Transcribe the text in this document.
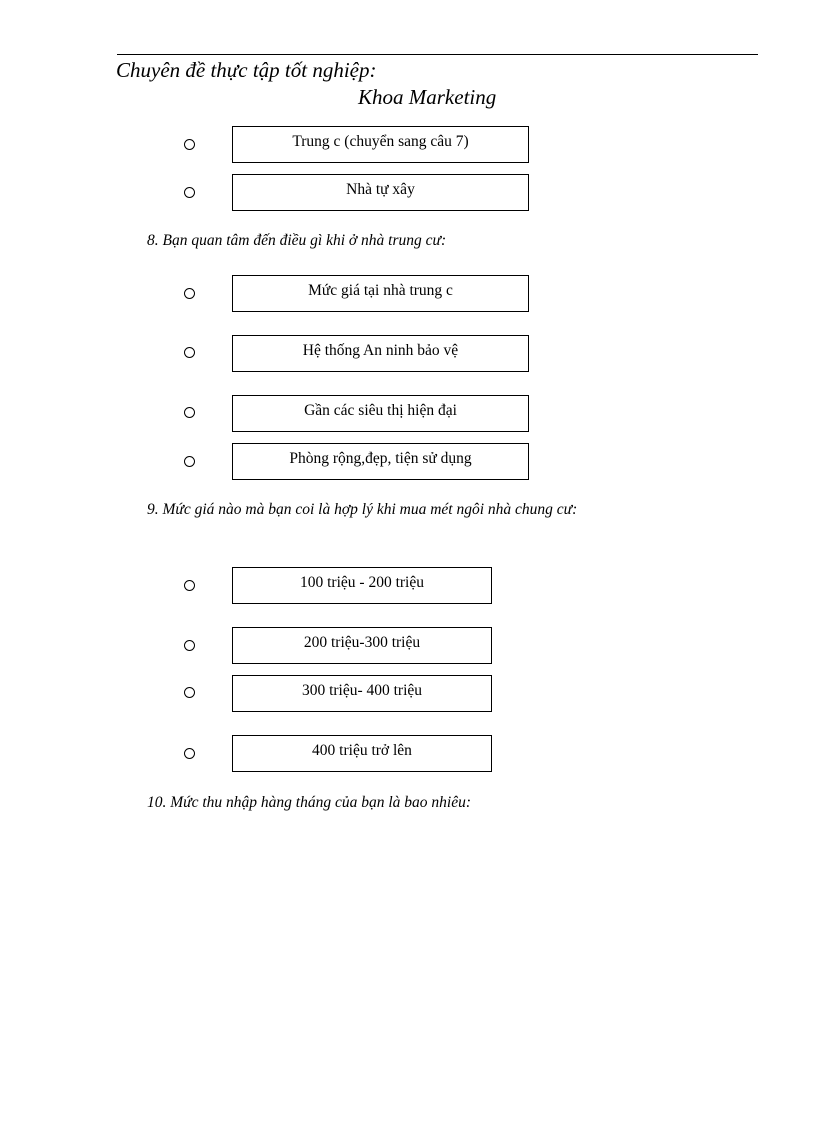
Chuyên đề thực tập tốt nghiệp:
Khoa Marketing
Trung c (chuyển sang câu 7)
Nhà tự xây
8. Bạn quan tâm đến điều gì khi ở nhà trung cư:
Mức giá tại nhà trung c
Hệ thống An ninh bảo vệ
Gần các siêu thị hiện đại
Phòng rộng,đẹp, tiện sử dụng
9. Mức giá nào mà bạn coi là hợp lý khi mua mét ngôi nhà chung cư:
100 triệu - 200 triệu
200 triệu-300 triệu
300 triệu- 400 triệu
400 triệu trở lên
10. Mức thu nhập hàng tháng của bạn là bao nhiêu:
